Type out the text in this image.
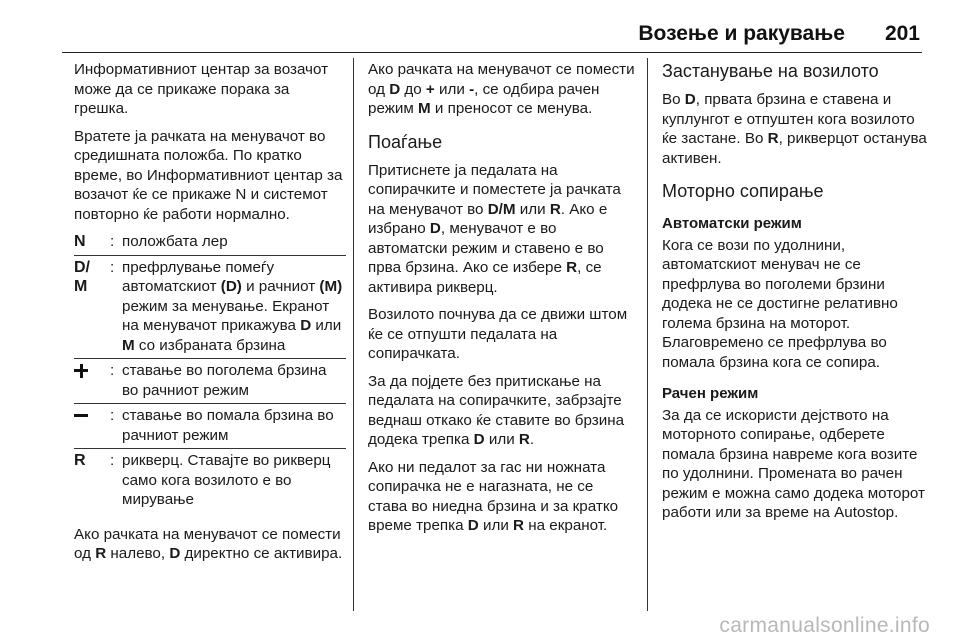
Возење и ракување 201

Информативниот центар за возачот може да се прикаже порака за грешка.

Вратете ја рачката на менувачот во средишната положба. По кратко време, во Информативниот центар за возачот ќе се прикаже N и системот повторно ќе работи нормално.

N	: положбата лер
D/
M
: префрлување помеѓу автоматскиот (D) и рачниот (M) режим за менување. Екранот на менувачот прикажува D или M со избраната брзина
: ставање во поголема брзина во рачниот режим
: ставање во помала брзина во рачниот режим
R	: рикверц. Ставајте во рикверц само кога возилото е во мирување

Ако рачката на менувачот се помести од R налево, D директно се активира.

Ако рачката на менувачот се помести од D до + или -, се одбира рачен режим M и преносот се менува.

Поаѓање

Притиснете ја педалата на сопирачките и поместете ја рачката на менувачот во D/M или R. Ако е избрано D, менувачот е во автоматски режим и ставено е во прва брзина. Ако се избере R, се активира рикверц.

Возилото почнува да се движи штом ќе се отпушти педалата на сопирачката.

За да појдете без притискање на педалата на сопирачките, забрзајте веднаш откако ќе ставите во брзина додека трепка D или R.

Ако ни педалот за гас ни ножната сопирачка не е нагазната, не се става во ниедна брзина и за кратко време трепка D или R на екранот.

Застанување на возилото

Во D, првата брзина е ставена и куплунгот е отпуштен кога возилото ќе застане. Во R, рикверцот останува активен.

Моторно сопирање
Автоматски режим

Кога се вози по удолнини, автоматскиот менувач не се префрлува во поголеми брзини додека не се достигне релативно голема брзина на моторот. Благовремено се префрлува во помала брзина кога се сопира.

Рачен режим

За да се искористи дејството на моторното сопирање, одберете помала брзина навреме кога возите по удолнини. Промената во рачен режим е можна само додека моторот работи или за време на Autostop.

carmanualsonline.info
